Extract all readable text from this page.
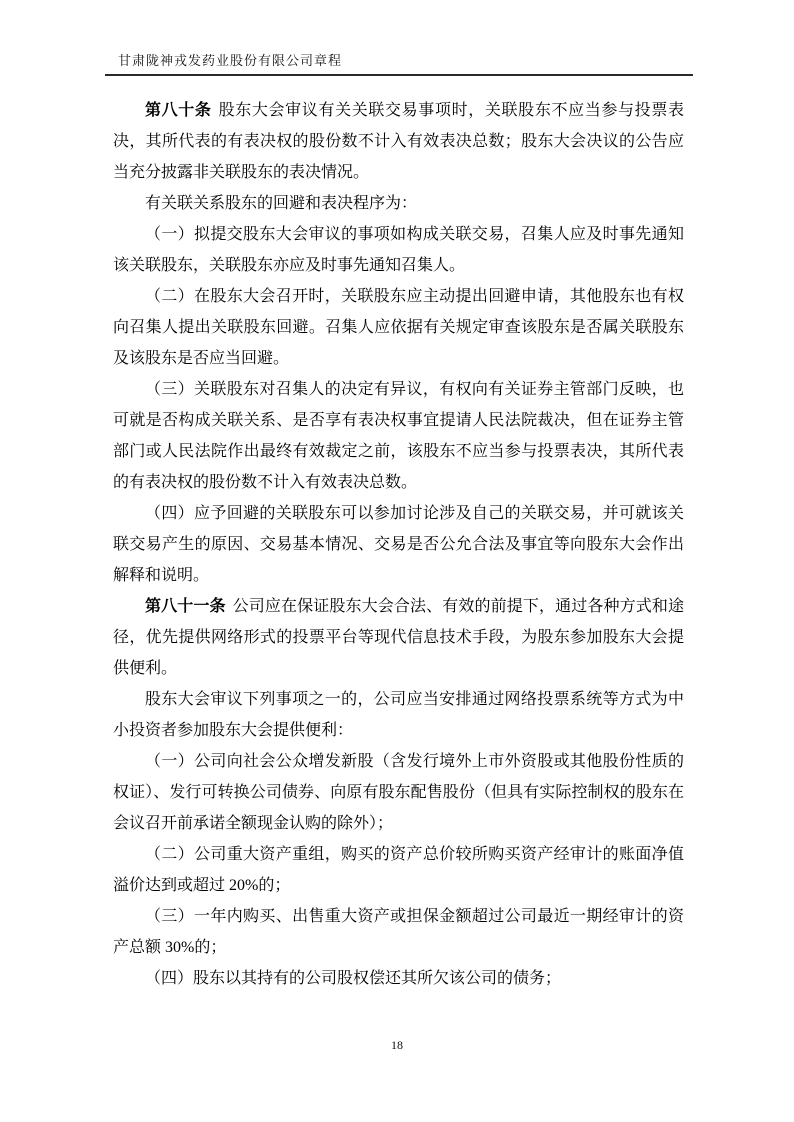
甘肃陇神戎发药业股份有限公司章程

第八十条 股东大会审议有关关联交易事项时，关联股东不应当参与投票表决，其所代表的有表决权的股份数不计入有效表决总数；股东大会决议的公告应当充分披露非关联股东的表决情况。

有关联关系股东的回避和表决程序为：

（一）拟提交股东大会审议的事项如构成关联交易，召集人应及时事先通知该关联股东，关联股东亦应及时事先通知召集人。

（二）在股东大会召开时，关联股东应主动提出回避申请，其他股东也有权向召集人提出关联股东回避。召集人应依据有关规定审查该股东是否属关联股东及该股东是否应当回避。

（三）关联股东对召集人的决定有异议，有权向有关证券主管部门反映，也可就是否构成关联关系、是否享有表决权事宜提请人民法院裁决，但在证券主管部门或人民法院作出最终有效裁定之前，该股东不应当参与投票表决，其所代表的有表决权的股份数不计入有效表决总数。

（四）应予回避的关联股东可以参加讨论涉及自己的关联交易，并可就该关联交易产生的原因、交易基本情况、交易是否公允合法及事宜等向股东大会作出解释和说明。

第八十一条 公司应在保证股东大会合法、有效的前提下，通过各种方式和途径，优先提供网络形式的投票平台等现代信息技术手段，为股东参加股东大会提供便利。

股东大会审议下列事项之一的，公司应当安排通过网络投票系统等方式为中小投资者参加股东大会提供便利：

（一）公司向社会公众增发新股（含发行境外上市外资股或其他股份性质的权证）、发行可转换公司债券、向原有股东配售股份（但具有实际控制权的股东在会议召开前承诺全额现金认购的除外）；

（二）公司重大资产重组，购买的资产总价较所购买资产经审计的账面净值溢价达到或超过 20%的；

（三）一年内购买、出售重大资产或担保金额超过公司最近一期经审计的资产总额 30%的；

（四）股东以其持有的公司股权偿还其所欠该公司的债务；

18
